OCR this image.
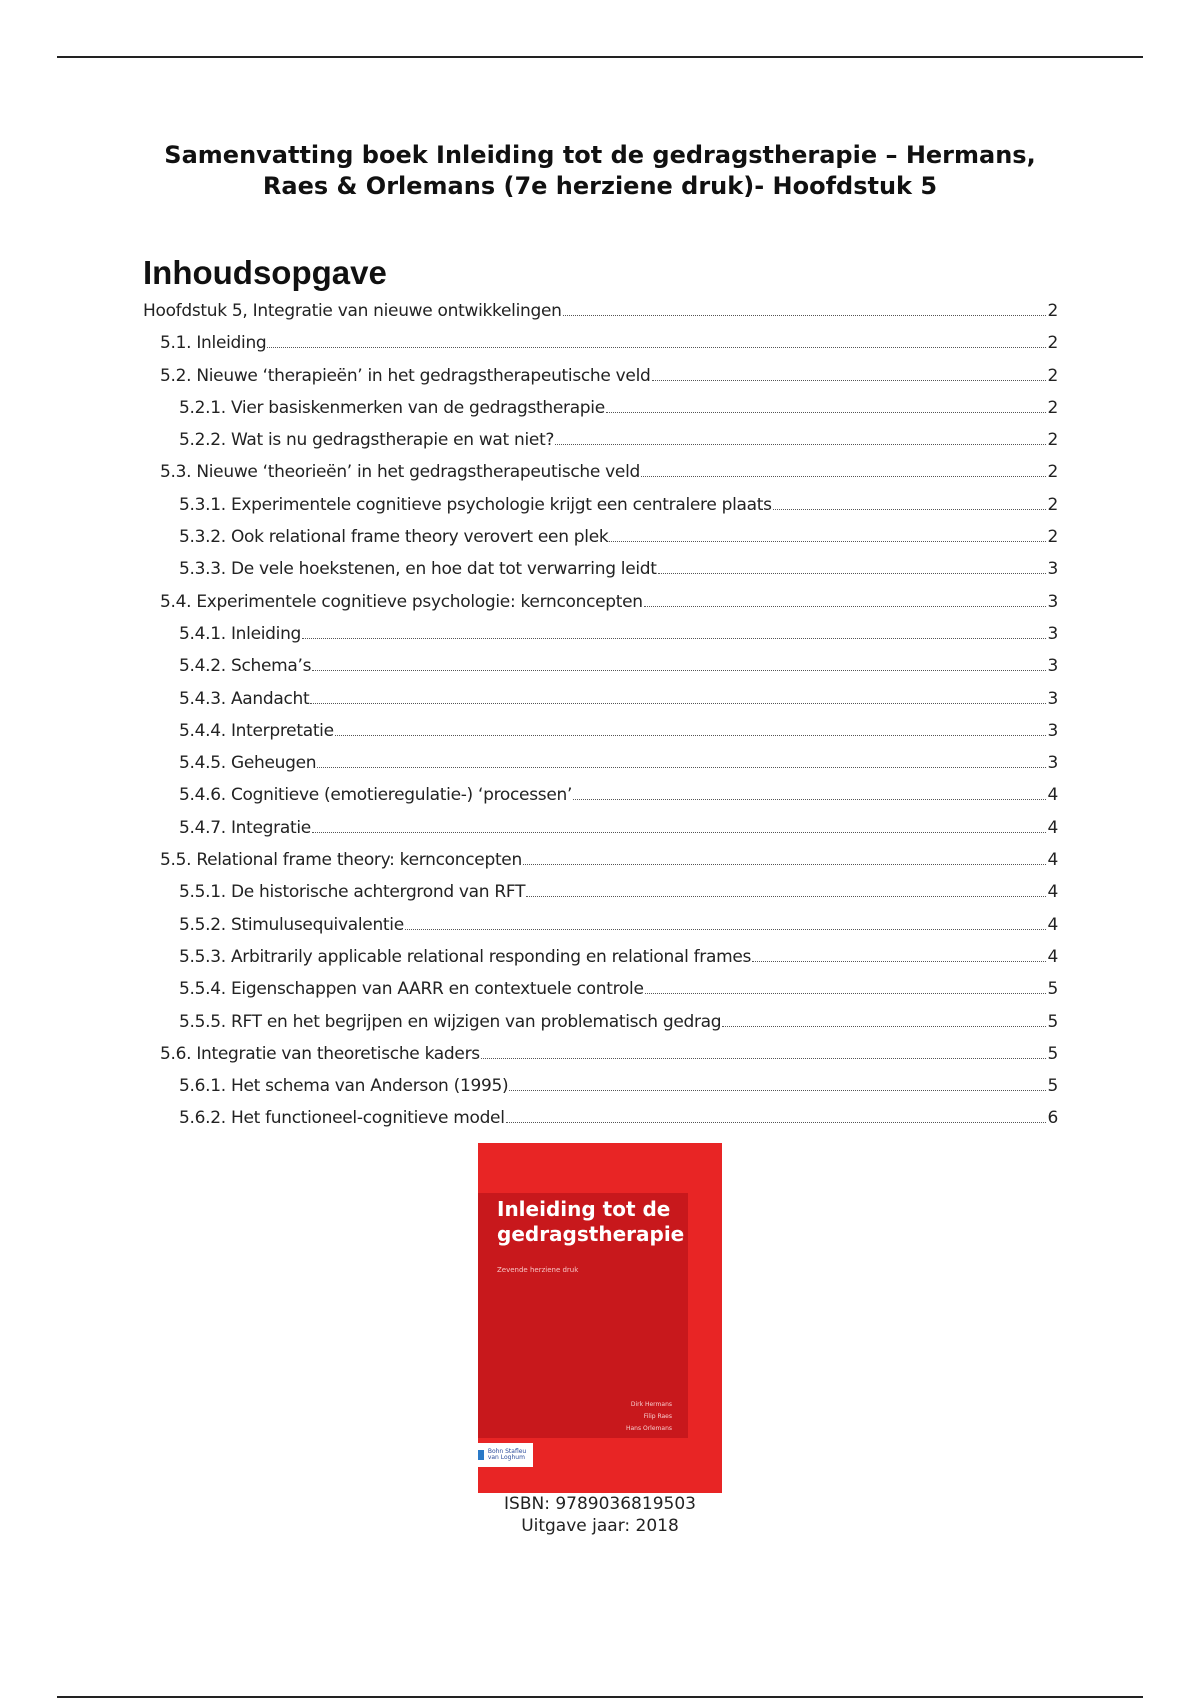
Samenvatting boek Inleiding tot de gedragstherapie – Hermans, Raes & Orlemans (7e herziene druk)- Hoofdstuk 5
Inhoudsopgave
Hoofdstuk 5, Integratie van nieuwe ontwikkelingen	2
5.1. Inleiding	2
5.2. Nieuwe ‘therapieën’ in het gedragstherapeutische veld	2
5.2.1. Vier basiskenmerken van de gedragstherapie	2
5.2.2. Wat is nu gedragstherapie en wat niet?	2
5.3. Nieuwe ‘theorieën’ in het gedragstherapeutische veld	2
5.3.1. Experimentele cognitieve psychologie krijgt een centralere plaats	2
5.3.2. Ook relational frame theory verovert een plek	2
5.3.3. De vele hoekstenen, en hoe dat tot verwarring leidt	3
5.4. Experimentele cognitieve psychologie: kernconcepten	3
5.4.1. Inleiding	3
5.4.2. Schema’s	3
5.4.3. Aandacht	3
5.4.4. Interpretatie	3
5.4.5. Geheugen	3
5.4.6. Cognitieve (emotieregulatie-) ‘processen’	4
5.4.7. Integratie	4
5.5. Relational frame theory: kernconcepten	4
5.5.1. De historische achtergrond van RFT	4
5.5.2. Stimulusequivalentie	4
5.5.3. Arbitrarily applicable relational responding en relational frames	4
5.5.4. Eigenschappen van AARR en contextuele controle	5
5.5.5. RFT en het begrijpen en wijzigen van problematisch gedrag	5
5.6. Integratie van theoretische kaders	5
5.6.1. Het schema van Anderson (1995)	5
5.6.2. Het functioneel-cognitieve model	6
Inleiding tot de gedragstherapie
Zevende herziene druk
Dirk Hermans
Filip Raes
Hans Orlemans
Bohn Stafleu van Loghum
ISBN: 9789036819503
Uitgave jaar: 2018
